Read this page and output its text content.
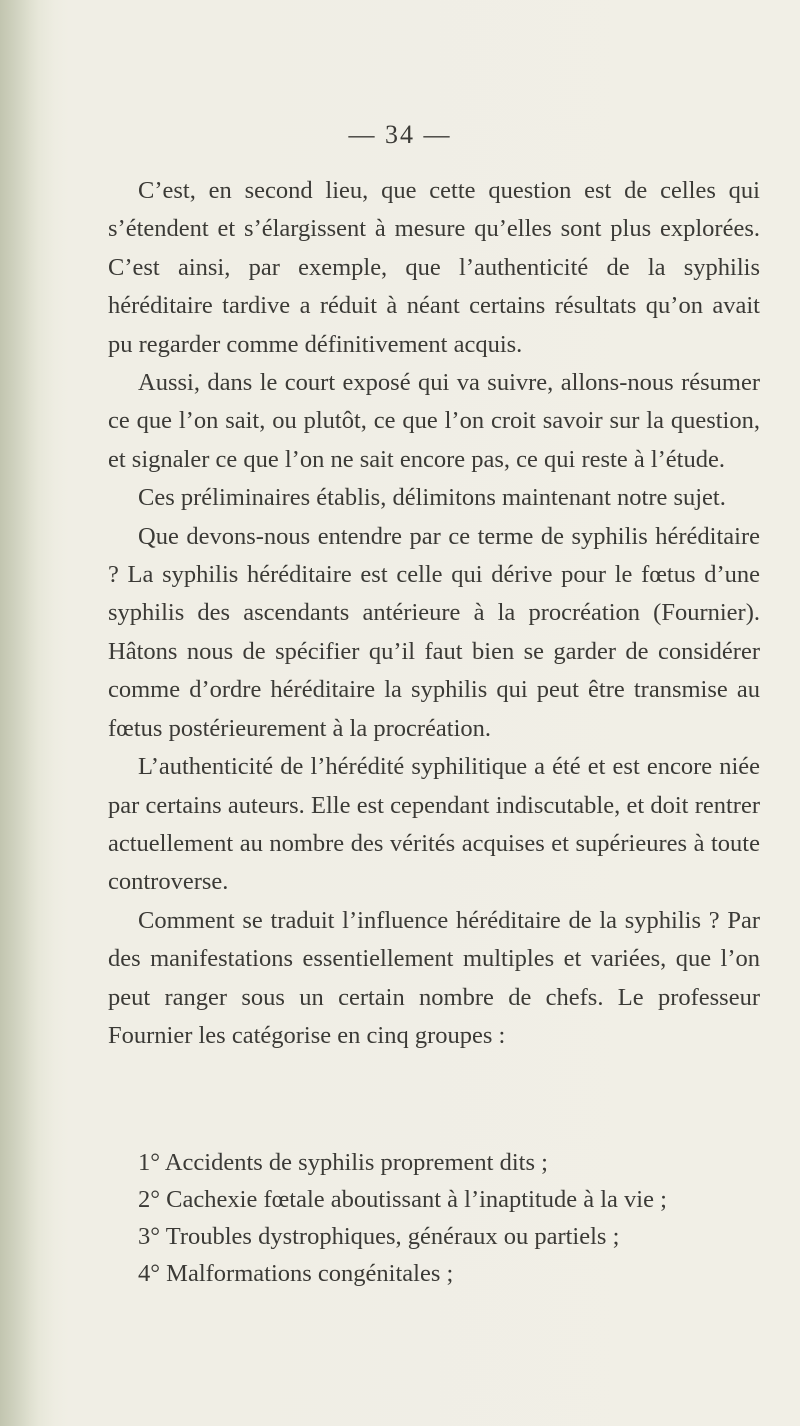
— 34 —

C’est, en second lieu, que cette question est de celles qui s’étendent et s’élargissent à mesure qu’elles sont plus explorées. C’est ainsi, par exemple, que l’authenticité de la syphilis héréditaire tardive a réduit à néant certains résultats qu’on avait pu regarder comme définitivement acquis.

Aussi, dans le court exposé qui va suivre, allons-nous résumer ce que l’on sait, ou plutôt, ce que l’on croit savoir sur la question, et signaler ce que l’on ne sait encore pas, ce qui reste à l’étude.

Ces préliminaires établis, délimitons maintenant notre sujet.

Que devons-nous entendre par ce terme de syphilis héréditaire ? La syphilis héréditaire est celle qui dérive pour le fœtus d’une syphilis des ascendants antérieure à la procréation (Fournier). Hâtons nous de spécifier qu’il faut bien se garder de considérer comme d’ordre héréditaire la syphilis qui peut être transmise au fœtus postérieurement à la procréation.

L’authenticité de l’hérédité syphilitique a été et est encore niée par certains auteurs. Elle est cependant indiscutable, et doit rentrer actuellement au nombre des vérités acquises et supérieures à toute controverse.

Comment se traduit l’influence héréditaire de la syphilis ? Par des manifestations essentiellement multiples et variées, que l’on peut ranger sous un certain nombre de chefs. Le professeur Fournier les catégorise en cinq groupes :

1° Accidents de syphilis proprement dits ;
2° Cachexie fœtale aboutissant à l’inaptitude à la vie ;
3° Troubles dystrophiques, généraux ou partiels ;
4° Malformations congénitales ;
